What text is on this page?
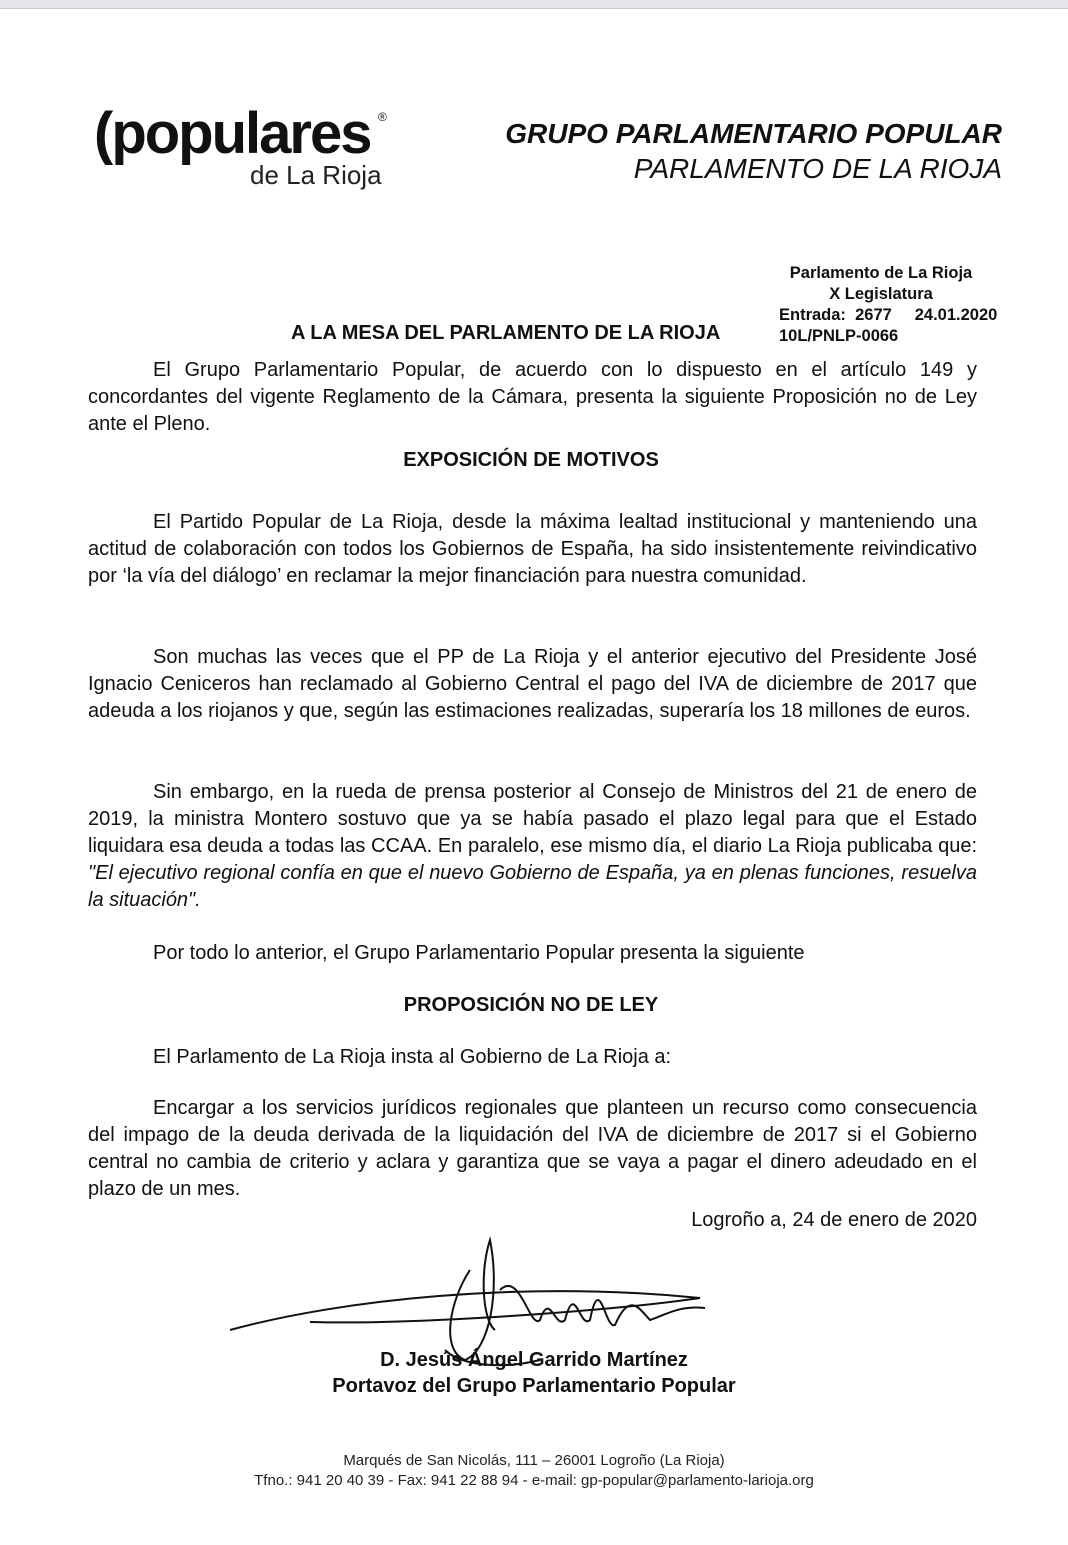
(populares ®
de La Rioja
GRUPO PARLAMENTARIO POPULAR
PARLAMENTO DE LA RIOJA
Parlamento de La Rioja
X Legislatura
Entrada:  2677     24.01.2020
10L/PNLP-0066
A LA MESA DEL PARLAMENTO DE LA RIOJA

El Grupo Parlamentario Popular, de acuerdo con lo dispuesto en el artículo 149 y concordantes del vigente Reglamento de la Cámara, presenta la siguiente Proposición no de Ley ante el Pleno.

EXPOSICIÓN DE MOTIVOS

El Partido Popular de La Rioja, desde la máxima lealtad institucional y manteniendo una actitud de colaboración con todos los Gobiernos de España, ha sido insistentemente reivindicativo por ‘la vía del diálogo’ en reclamar la mejor financiación para nuestra comunidad.

Son muchas las veces que el PP de La Rioja y el anterior ejecutivo del Presidente José Ignacio Ceniceros han reclamado al Gobierno Central el pago del IVA de diciembre de 2017 que adeuda a los riojanos y que, según las estimaciones realizadas, superaría los 18 millones de euros.

Sin embargo, en la rueda de prensa posterior al Consejo de Ministros del 21 de enero de 2019, la ministra Montero sostuvo que ya se había pasado el plazo legal para que el Estado liquidara esa deuda a todas las CCAA. En paralelo, ese mismo día, el diario La Rioja publicaba que: "El ejecutivo regional confía en que el nuevo Gobierno de España, ya en plenas funciones, resuelva la situación".

Por todo lo anterior, el Grupo Parlamentario Popular presenta la siguiente

PROPOSICIÓN NO DE LEY

El Parlamento de La Rioja insta al Gobierno de La Rioja a:

Encargar a los servicios jurídicos regionales que planteen un recurso como consecuencia del impago de la deuda derivada de la liquidación del IVA de diciembre de 2017 si el Gobierno central no cambia de criterio y aclara y garantiza que se vaya a pagar el dinero adeudado en el plazo de un mes.

Logroño a, 24 de enero de 2020
D. Jesús Ángel Garrido Martínez
Portavoz del Grupo Parlamentario Popular
Marqués de San Nicolás, 111 – 26001 Logroño (La Rioja)
Tfno.: 941 20 40 39 - Fax: 941 22 88 94 - e-mail: gp-popular@parlamento-larioja.org
